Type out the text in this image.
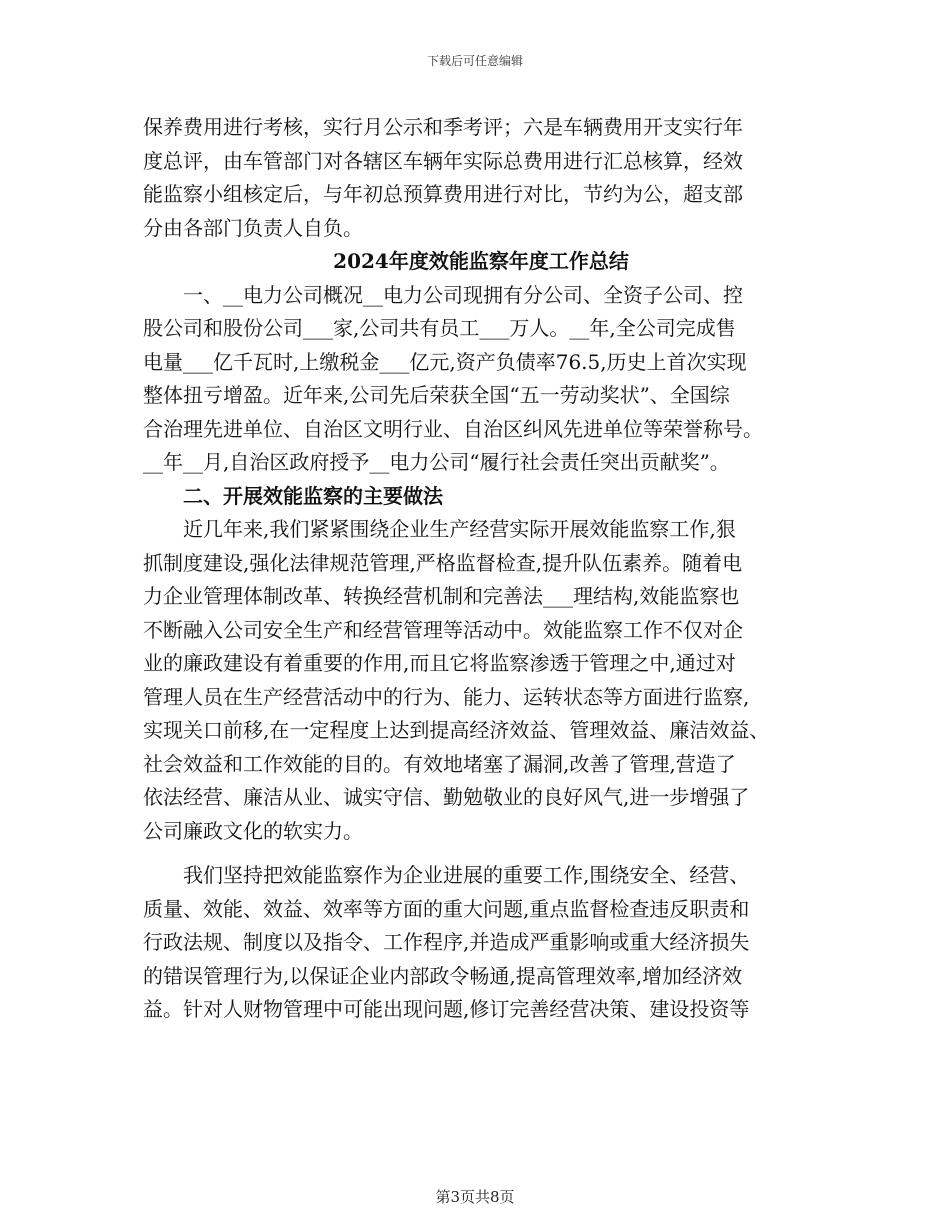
下载后可任意编辑
保养费用进行考核，实行月公示和季考评；六是车辆费用开支实行年
度总评，由车管部门对各辖区车辆年实际总费用进行汇总核算，经效
能监察小组核定后，与年初总预算费用进行对比，节约为公，超支部
分由各部门负责人自负。
2024年度效能监察年度工作总结
一、__电力公司概况__电力公司现拥有分公司、全资子公司、控
股公司和股份公司___家,公司共有员工___万人。__年,全公司完成售
电量___亿千瓦时,上缴税金___亿元,资产负债率76.5,历史上首次实现
整体扭亏增盈。近年来,公司先后荣获全国“五一劳动奖状”、全国综
合治理先进单位、自治区文明行业、自治区纠风先进单位等荣誉称号。
__年__月,自治区政府授予__电力公司“履行社会责任突出贡献奖”。
二、开展效能监察的主要做法
近几年来,我们紧紧围绕企业生产经营实际开展效能监察工作,狠
抓制度建设,强化法律规范管理,严格监督检查,提升队伍素养。随着电
力企业管理体制改革、转换经营机制和完善法___理结构,效能监察也
不断融入公司安全生产和经营管理等活动中。效能监察工作不仅对企
业的廉政建设有着重要的作用,而且它将监察渗透于管理之中,通过对
管理人员在生产经营活动中的行为、能力、运转状态等方面进行监察,
实现关口前移,在一定程度上达到提高经济效益、管理效益、廉洁效益、
社会效益和工作效能的目的。有效地堵塞了漏洞,改善了管理,营造了
依法经营、廉洁从业、诚实守信、勤勉敬业的良好风气,进一步增强了
公司廉政文化的软实力。
我们坚持把效能监察作为企业进展的重要工作,围绕安全、经营、
质量、效能、效益、效率等方面的重大问题,重点监督检查违反职责和
行政法规、制度以及指令、工作程序,并造成严重影响或重大经济损失
的错误管理行为,以保证企业内部政令畅通,提高管理效率,增加经济效
益。针对人财物管理中可能出现问题,修订完善经营决策、建设投资等
第3页共8页
